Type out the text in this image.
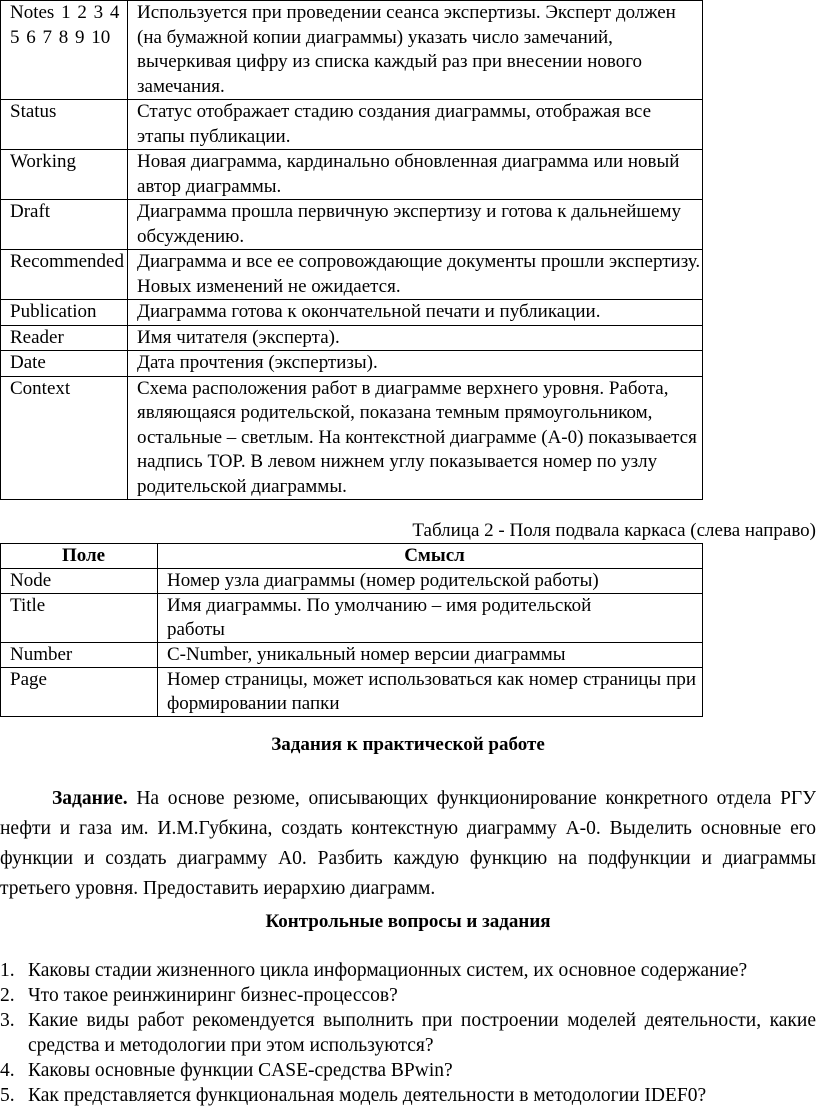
Notes 1 2 3 4 5 6 7 8 9 10	Используется при проведении сеанса экспертизы. Эксперт должен (на бумажной копии диаграммы) указать число замечаний, вычеркивая цифру из списка каждый раз при внесении нового замечания.
Status	Статус отображает стадию создания диаграммы, отображая все этапы публикации.
Working	Новая диаграмма, кардинально обновленная диаграмма или новый автор диаграммы.
Draft	Диаграмма прошла первичную экспертизу и готова к дальнейшему обсуждению.
Recommended	Диаграмма и все ее сопровождающие документы прошли экспертизу. Новых изменений не ожидается.
Publication	Диаграмма готова к окончательной печати и публикации.
Reader	Имя читателя (эксперта).
Date	Дата прочтения (экспертизы).
Context	Схема расположения работ в диаграмме верхнего уровня. Работа, являющаяся родительской, показана темным прямоугольником, остальные – светлым. На контекстной диаграмме (А-0) показывается надпись TOP. В левом нижнем углу показывается номер по узлу родительской диаграммы.
Таблица 2 - Поля подвала каркаса (слева направо)
Поле	Смысл
Node	Номер узла диаграммы (номер родительской работы)
Title	Имя диаграммы. По умолчанию – имя родительской работы
Number	C-Number, уникальный номер версии диаграммы
Page	Номер страницы, может использоваться как номер страницы при формировании папки
Задания к практической работе
Задание. На основе резюме, описывающих функционирование конкретного отдела РГУ нефти и газа им. И.М.Губкина, создать контекстную диаграмму А-0. Выделить основные его функции и создать диаграмму А0. Разбить каждую функцию на подфункции и диаграммы третьего уровня. Предоставить иерархию диаграмм.
Контрольные вопросы и задания
1. Каковы стадии жизненного цикла информационных систем, их основное содержание?
2. Что такое реинжиниринг бизнес-процессов?
3. Какие виды работ рекомендуется выполнить при построении моделей деятельности, какие средства и методологии при этом используются?
4. Каковы основные функции CASE-средства BPwin?
5. Как представляется функциональная модель деятельности в методологии IDEF0?
